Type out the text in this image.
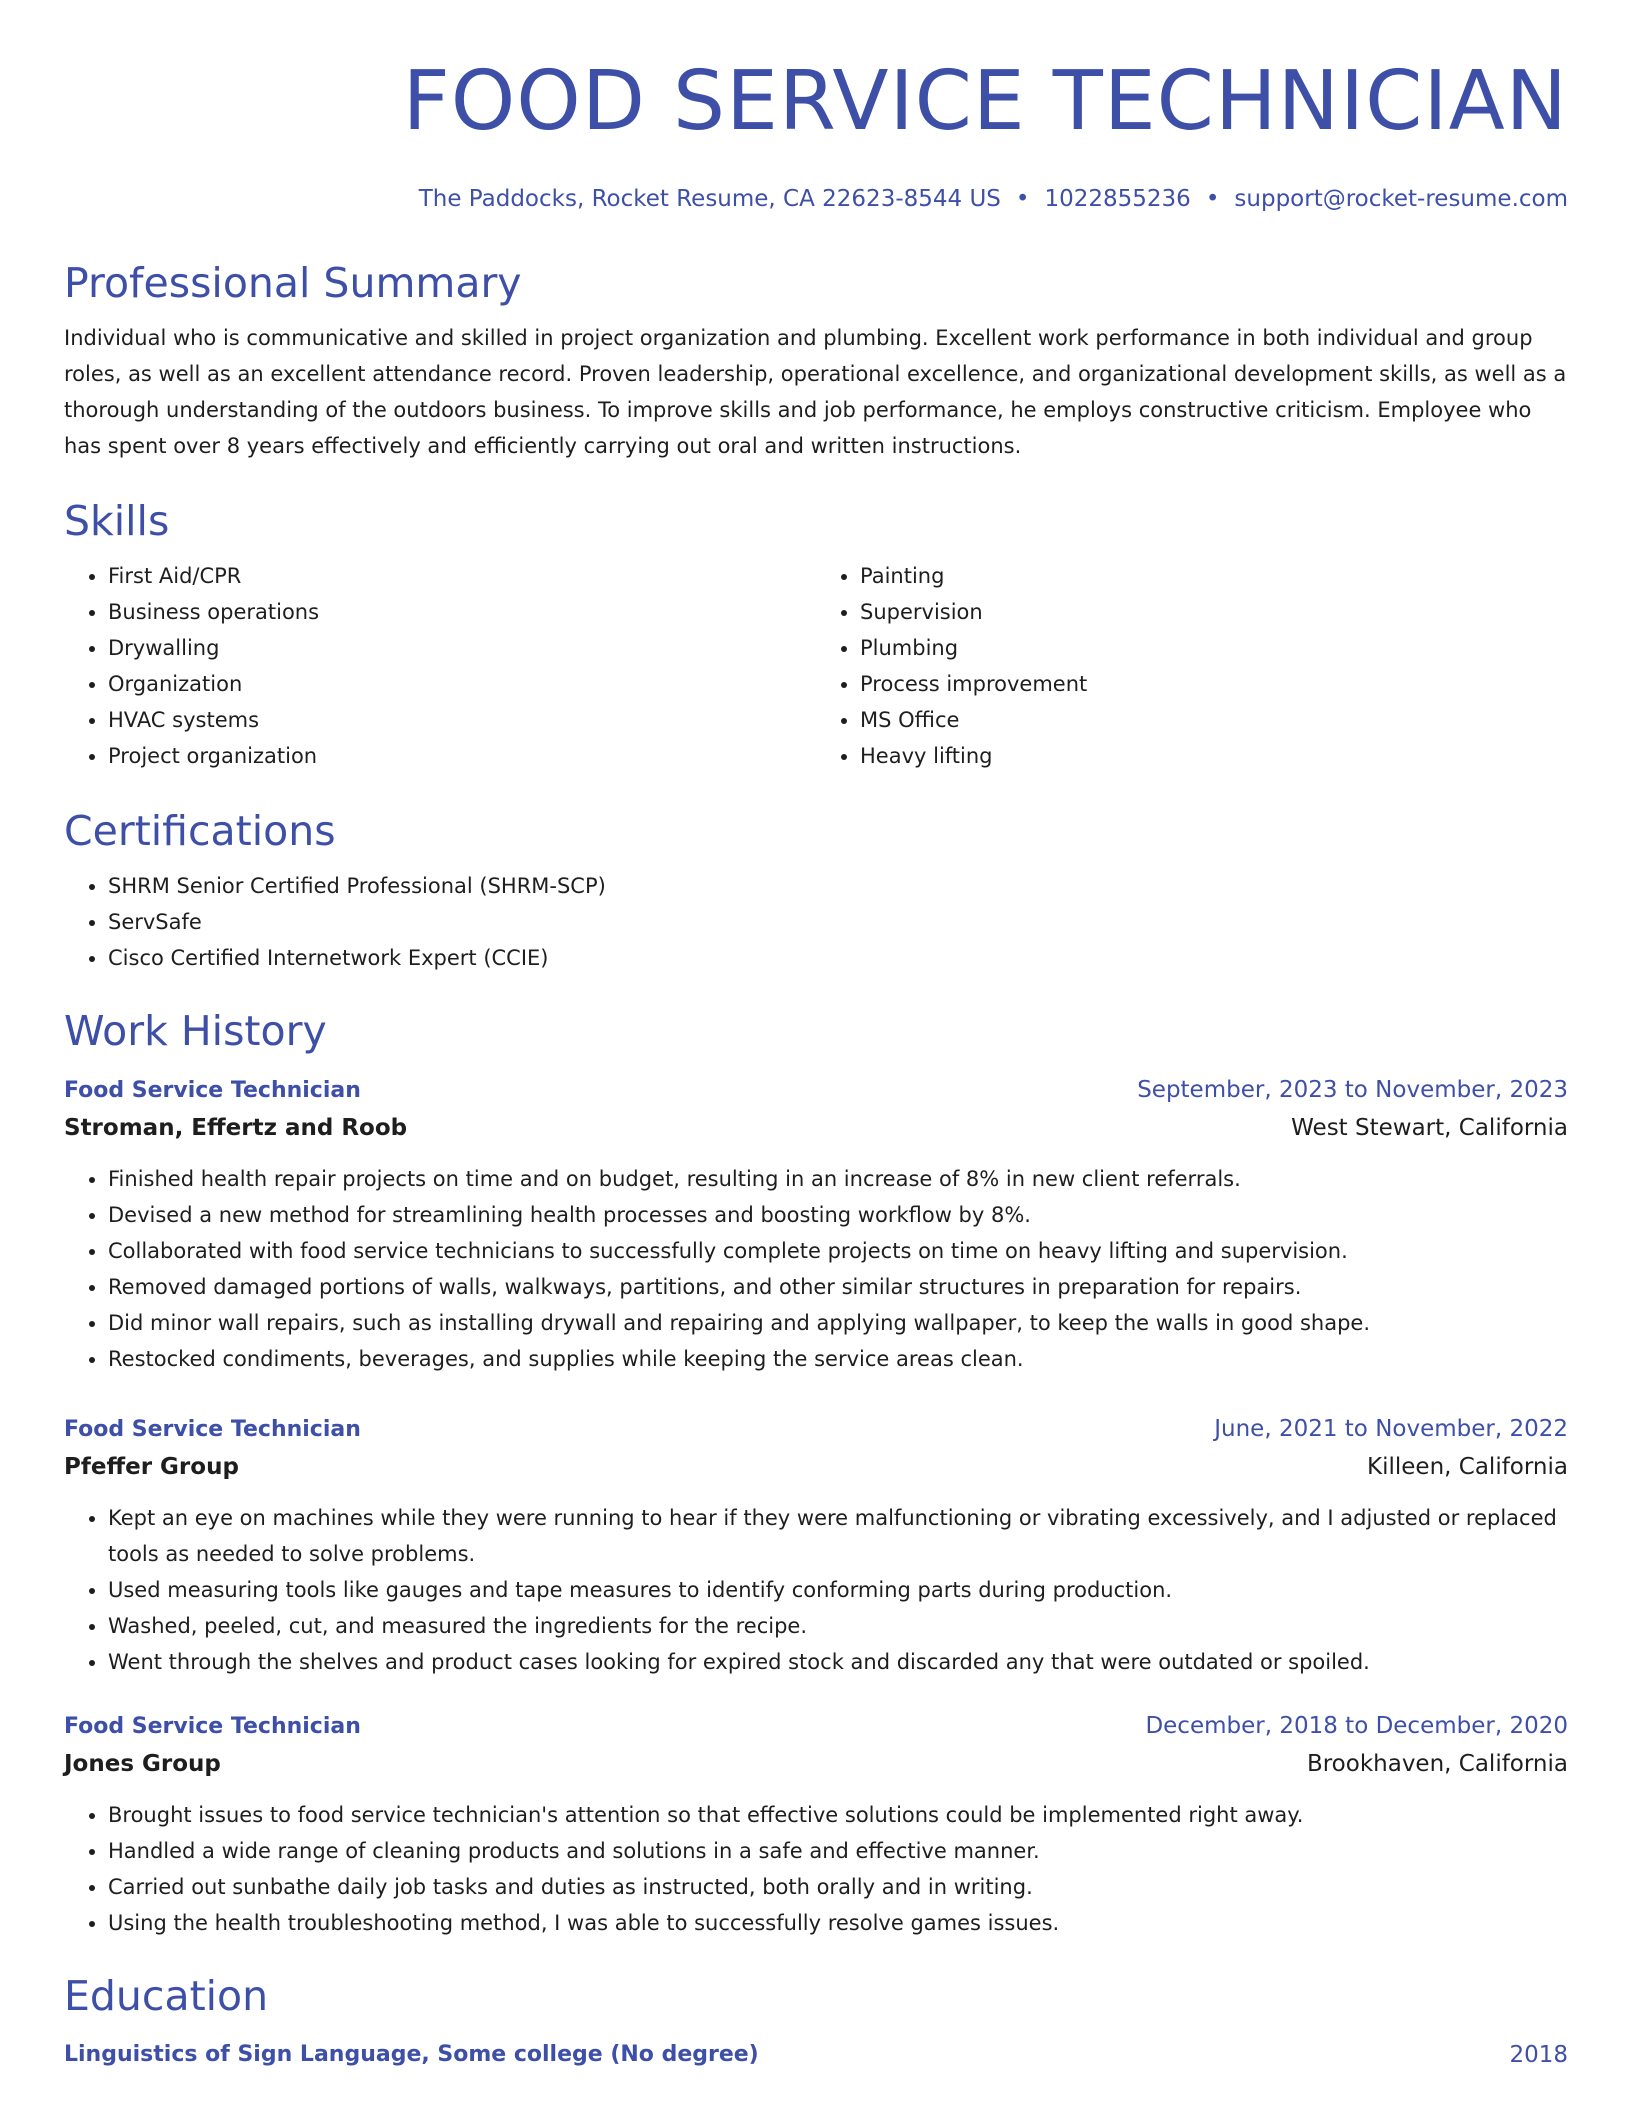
FOOD SERVICE TECHNICIAN
The Paddocks, Rocket Resume, CA 22623-8544 US • 1022855236 • support@rocket-resume.com
Professional Summary

Individual who is communicative and skilled in project organization and plumbing. Excellent work performance in both individual and group roles, as well as an excellent attendance record. Proven leadership, operational excellence, and organizational development skills, as well as a thorough understanding of the outdoors business. To improve skills and job performance, he employs constructive criticism. Employee who has spent over 8 years effectively and efficiently carrying out oral and written instructions.

Skills
• First Aid/CPR
• Business operations
• Drywalling
• Organization
• HVAC systems
• Project organization
• Painting
• Supervision
• Plumbing
• Process improvement
• MS Office
• Heavy lifting
Certifications
• SHRM Senior Certified Professional (SHRM-SCP)
• ServSafe
• Cisco Certified Internetwork Expert (CCIE)
Work History
Food Service Technician	September, 2023 to November, 2023
Stroman, Effertz and Roob	West Stewart, California
• Finished health repair projects on time and on budget, resulting in an increase of 8% in new client referrals.
• Devised a new method for streamlining health processes and boosting workflow by 8%.
• Collaborated with food service technicians to successfully complete projects on time on heavy lifting and supervision.
• Removed damaged portions of walls, walkways, partitions, and other similar structures in preparation for repairs.
• Did minor wall repairs, such as installing drywall and repairing and applying wallpaper, to keep the walls in good shape.
• Restocked condiments, beverages, and supplies while keeping the service areas clean.
Food Service Technician	June, 2021 to November, 2022
Pfeffer Group	Killeen, California
• Kept an eye on machines while they were running to hear if they were malfunctioning or vibrating excessively, and I adjusted or replaced tools as needed to solve problems.
• Used measuring tools like gauges and tape measures to identify conforming parts during production.
• Washed, peeled, cut, and measured the ingredients for the recipe.
• Went through the shelves and product cases looking for expired stock and discarded any that were outdated or spoiled.
Food Service Technician	December, 2018 to December, 2020
Jones Group	Brookhaven, California
• Brought issues to food service technician's attention so that effective solutions could be implemented right away.
• Handled a wide range of cleaning products and solutions in a safe and effective manner.
• Carried out sunbathe daily job tasks and duties as instructed, both orally and in writing.
• Using the health troubleshooting method, I was able to successfully resolve games issues.
Education
Linguistics of Sign Language, Some college (No degree)	2018
